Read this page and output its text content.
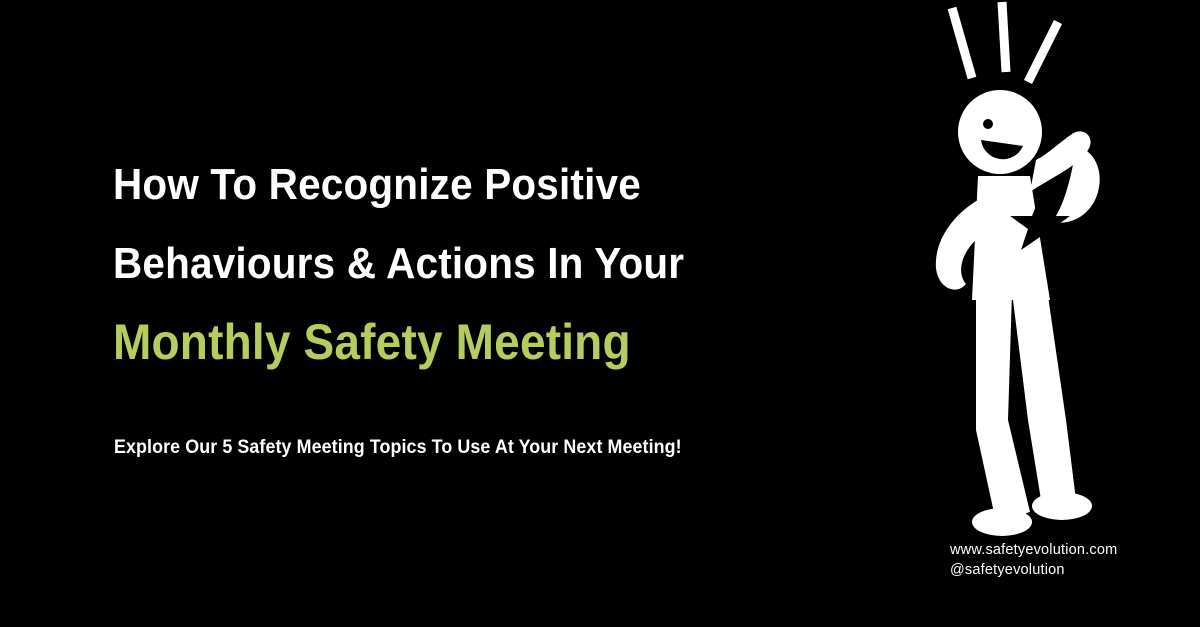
How To Recognize Positive
Behaviours & Actions In Your
Monthly Safety Meeting
Explore Our 5 Safety Meeting Topics To Use At Your Next Meeting!
www.safetyevolution.com
@safetyevolution
